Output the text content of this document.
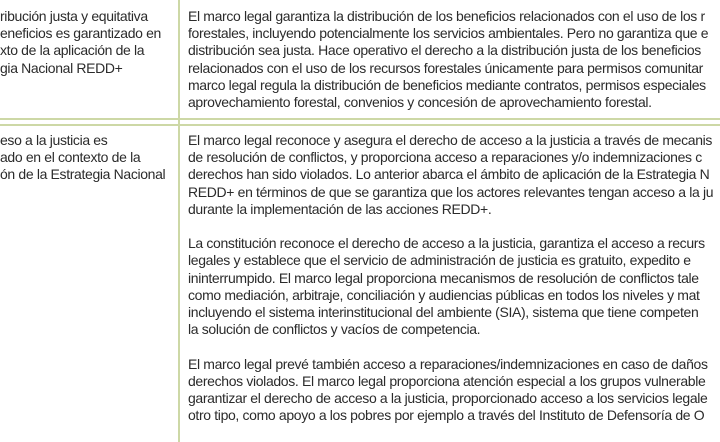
ribución justa y equitativa
eneficios es garantizado en
xto de la aplicación de la
gia Nacional REDD+

El marco legal garantiza la distribución de los beneficios relacionados con el uso de los r
forestales, incluyendo potencialmente los servicios ambientales. Pero no garantiza que e
distribución sea justa. Hace operativo el derecho a la distribución justa de los beneficios
relacionados con el uso de los recursos forestales únicamente para permisos comunitar
marco legal regula la distribución de beneficios mediante contratos, permisos especiales
aprovechamiento forestal, convenios y concesión de aprovechamiento forestal.

eso a la justicia es
ado en el contexto de la
ón de la Estrategia Nacional

El marco legal reconoce y asegura el derecho de acceso a la justicia a través de mecanis
de resolución de conflictos, y proporciona acceso a reparaciones y/o indemnizaciones c
derechos han sido violados. Lo anterior abarca el ámbito de aplicación de la Estrategia N
REDD+ en términos de que se garantiza que los actores relevantes tengan acceso a la ju
durante la implementación de las acciones REDD+.

La constitución reconoce el derecho de acceso a la justicia, garantiza el acceso a recurs
legales y establece que el servicio de administración de justicia es gratuito, expedito e
ininterrumpido. El marco legal proporciona mecanismos de resolución de conflictos tale
como mediación, arbitraje, conciliación y audiencias públicas en todos los niveles y mat
incluyendo el sistema interinstitucional del ambiente (SIA), sistema que tiene competen
la solución de conflictos y vacíos de competencia.

El marco legal prevé también acceso a reparaciones/indemnizaciones en caso de daños
derechos violados. El marco legal proporciona atención especial a los grupos vulnerable
garantizar el derecho de acceso a la justicia, proporcionado acceso a los servicios legale
otro tipo, como apoyo a los pobres por ejemplo a través del Instituto de Defensoría de O
